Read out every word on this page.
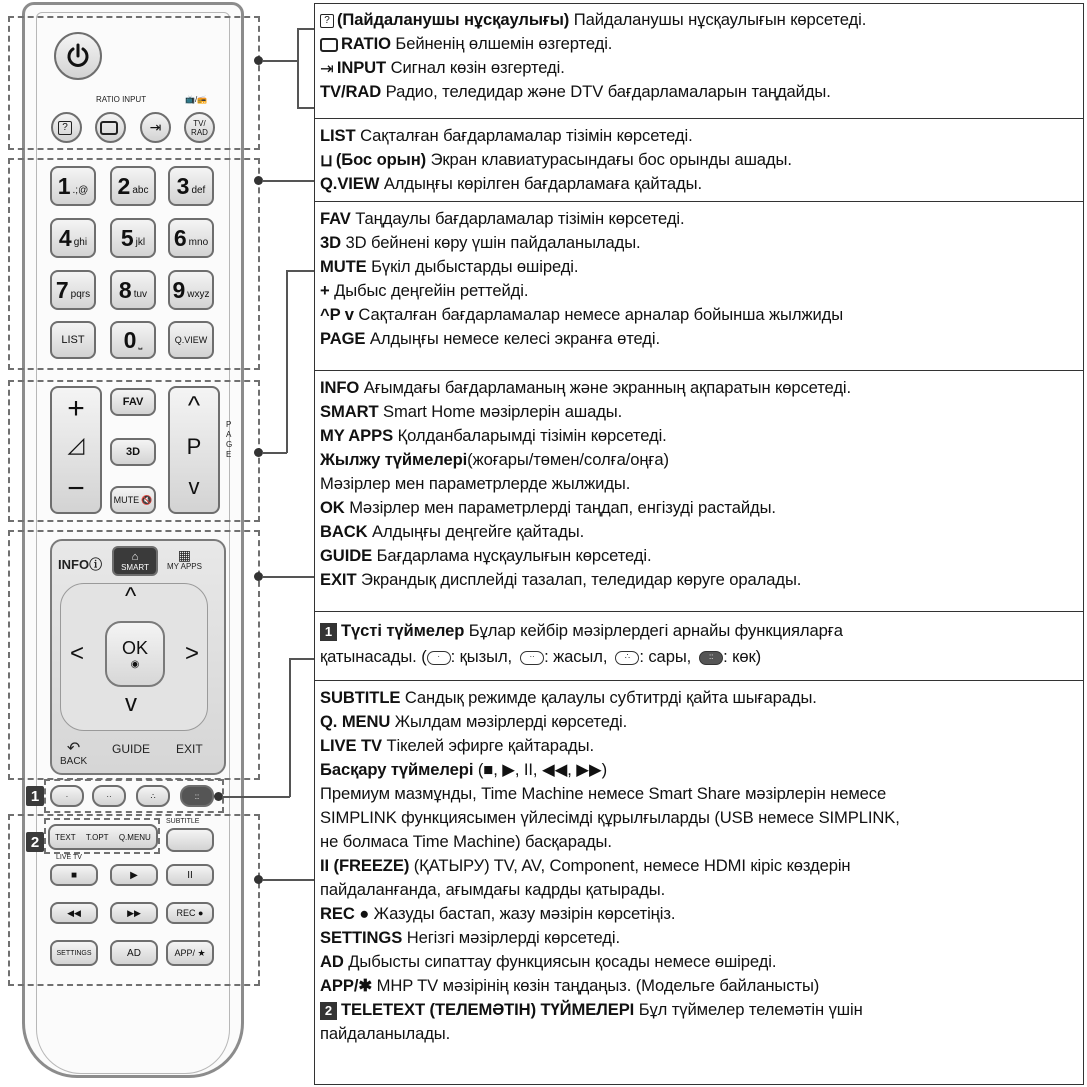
RATIO INPUT	📺/📻
?	⇥	TV/
RAD
1 .;@ 2 abc 3 def
4 ghi 5 jkl 6 mno
7 pqrs 8 tuv 9 wxyz
LIST	0 ⎵	Q.VIEW
+
◿
−
FAV
3D
MUTE 🔇
^
P
v
PAGE
INFOⓘ
⌂
SMART
▦
MY APPS
^
<	>
v
OK
◉
↶
BACK
GUIDE EXIT
1	·	··	∴	::
2	TEXT T.OPT Q.MENU
SUBTITLE
LIVE TV
■	▶	II
◀◀	▶▶	REC ●
SETTINGS	AD	APP/ ★
? (Пайдаланушы нұсқаулығы) Пайдаланушы нұсқаулығын көрсетеді.
RATIO Бейненің өлшемін өзгертеді.
⇥ INPUT Сигнал көзін өзгертеді.
TV/RAD Радио, теледидар және DTV бағдарламаларын таңдайды.
LIST Сақталған бағдарламалар тізімін көрсетеді.
⊔ (Бос орын) Экран клавиатурасындағы бос орынды ашады.
Q.VIEW Алдыңғы көрілген бағдарламаға қайтады.
FAV Таңдаулы бағдарламалар тізімін көрсетеді.
3D 3D бейнені көру үшін пайдаланылады.
MUTE Бүкіл дыбыстарды өшіреді.
+ Дыбыс деңгейін реттейді.
^P v Сақталған бағдарламалар немесе арналар бойынша жылжиды
PAGE Алдыңғы немесе келесі экранға өтеді.
INFO Ағымдағы бағдарламаның және экранның ақпаратын көрсетеді.
SMART Smart Home мәзірлерін ашады.
MY APPS Қолданбаларымді тізімін көрсетеді.
Жылжу түймелері(жоғары/төмен/солға/оңға)
Мәзірлер мен параметрлерде жылжиды.
OK Мәзірлер мен параметрлерді таңдап, енгізуді растайды.
BACK Алдыңғы деңгейге қайтады.
GUIDE Бағдарлама нұсқаулығын көрсетеді.
EXIT Экрандық дисплейді тазалап, теледидар көруге оралады.
SUBTITLE Сандық режимде қалаулы субтитрді қайта шығарады.
Q. MENU Жылдам мәзірлерді көрсетеді.
LIVE TV Тікелей эфирге қайтарады.
Басқару түймелері (■, ▶, II, ◀◀, ▶▶)
Премиум мазмұнды, Time Machine немесе Smart Share мәзірлерін немесе
SIMPLINK функциясымен үйлесімді құрылғыларды (USB немесе SIMPLINK,
не болмаса Time Machine) басқарады.
II (FREEZE) (ҚАТЫРУ) TV, AV, Component, немесе HDMI кіріс көздерін
пайдаланғанда, ағымдағы кадрды қатырады.
REC ● Жазуды бастап, жазу мәзірін көрсетіңіз.
SETTINGS Негізгі мәзірлерді көрсетеді.
AD Дыбысты сипаттау функциясын қосады немесе өшіреді.
APP/✱ MHP TV мәзірінің көзін таңдаңыз. (Модельге байланысты)
2 TELETEXT (ТЕЛЕМӘТІН) ТҮЙМЕЛЕРІ Бұл түймелер телемәтін үшін
пайдаланылады.
1 Түсті түймелер Бұлар кейбір мәзірлердегі арнайы функцияларға
қатынасады. ( · : қызыл, ·· : жасыл, ∴ : сары, :: : көк)
